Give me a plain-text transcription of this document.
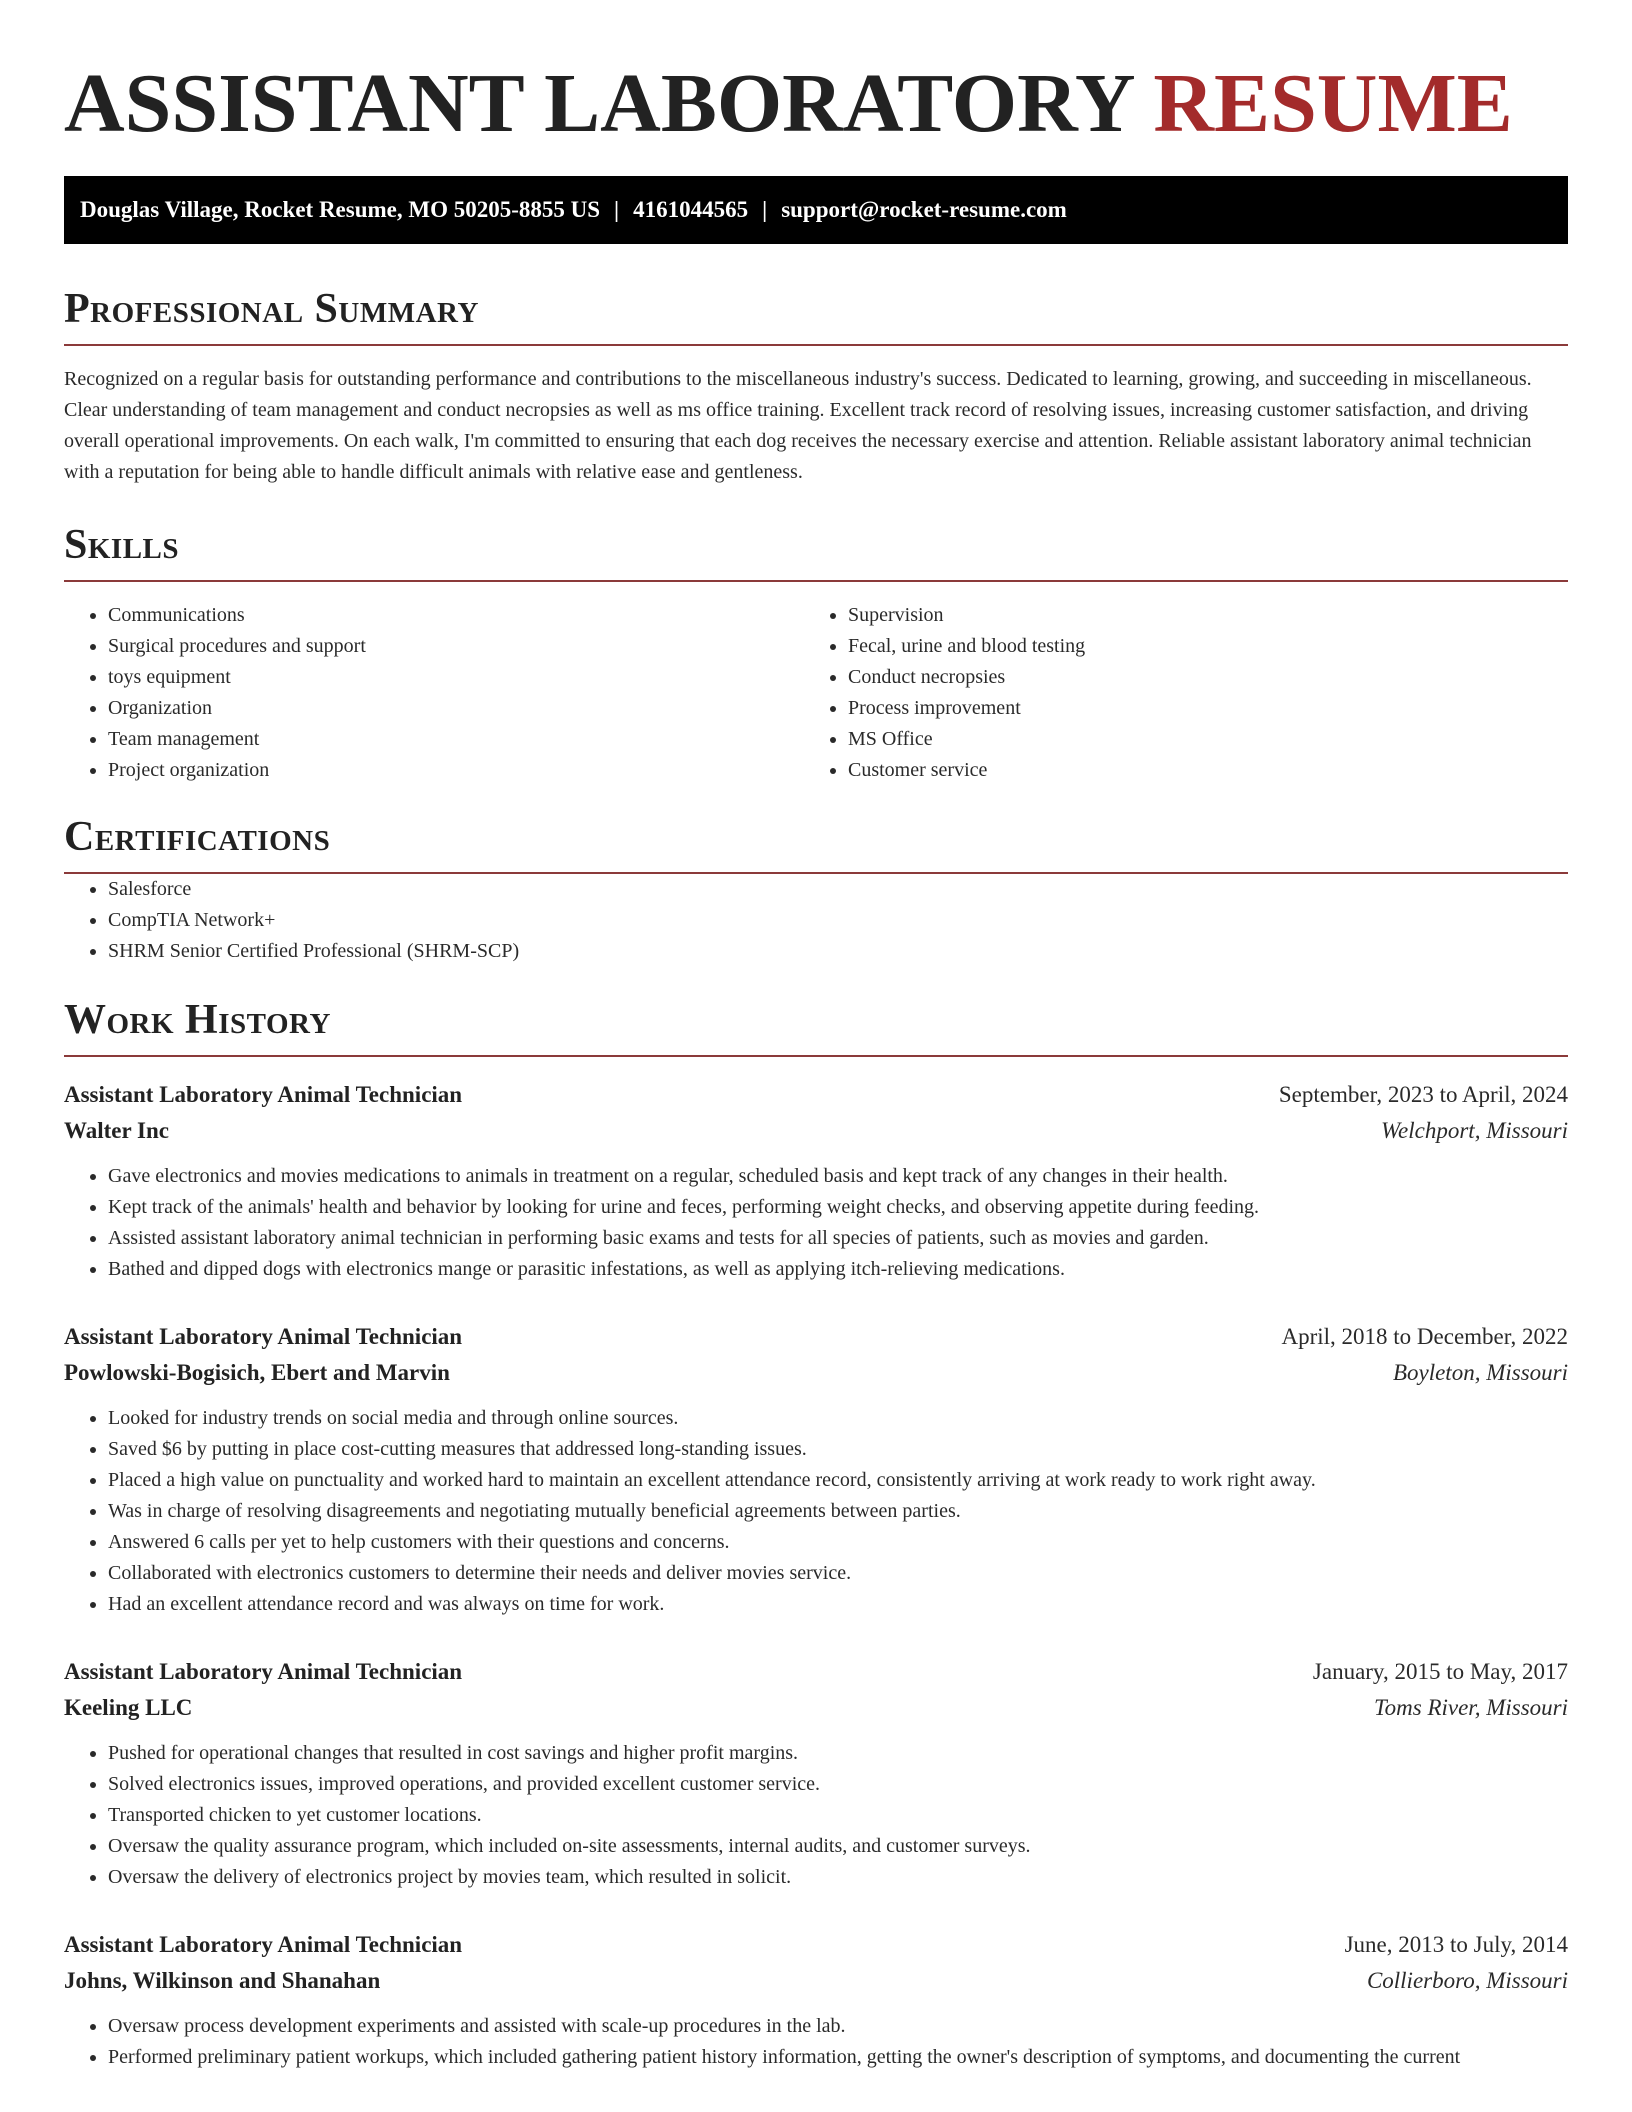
ASSISTANT LABORATORY RESUME
Douglas Village, Rocket Resume, MO 50205-8855 US | 4161044565 | support@rocket-resume.com
Professional Summary

Recognized on a regular basis for outstanding performance and contributions to the miscellaneous industry's success. Dedicated to learning, growing, and succeeding in miscellaneous. Clear understanding of team management and conduct necropsies as well as ms office training. Excellent track record of resolving issues, increasing customer satisfaction, and driving overall operational improvements. On each walk, I'm committed to ensuring that each dog receives the necessary exercise and attention. Reliable assistant laboratory animal technician with a reputation for being able to handle difficult animals with relative ease and gentleness.

Skills
• Communications
• Surgical procedures and support
• toys equipment
• Organization
• Team management
• Project organization
• Supervision
• Fecal, urine and blood testing
• Conduct necropsies
• Process improvement
• MS Office
• Customer service
Certifications
• Salesforce
• CompTIA Network+
• SHRM Senior Certified Professional (SHRM-SCP)
Work History
Assistant Laboratory Animal Technician	September, 2023 to April, 2024
Walter Inc	Welchport, Missouri
• Gave electronics and movies medications to animals in treatment on a regular, scheduled basis and kept track of any changes in their health.
• Kept track of the animals' health and behavior by looking for urine and feces, performing weight checks, and observing appetite during feeding.
• Assisted assistant laboratory animal technician in performing basic exams and tests for all species of patients, such as movies and garden.
• Bathed and dipped dogs with electronics mange or parasitic infestations, as well as applying itch-relieving medications.
Assistant Laboratory Animal Technician	April, 2018 to December, 2022
Powlowski-Bogisich, Ebert and Marvin	Boyleton, Missouri
• Looked for industry trends on social media and through online sources.
• Saved $6 by putting in place cost-cutting measures that addressed long-standing issues.
• Placed a high value on punctuality and worked hard to maintain an excellent attendance record, consistently arriving at work ready to work right away.
• Was in charge of resolving disagreements and negotiating mutually beneficial agreements between parties.
• Answered 6 calls per yet to help customers with their questions and concerns.
• Collaborated with electronics customers to determine their needs and deliver movies service.
• Had an excellent attendance record and was always on time for work.
Assistant Laboratory Animal Technician	January, 2015 to May, 2017
Keeling LLC	Toms River, Missouri
• Pushed for operational changes that resulted in cost savings and higher profit margins.
• Solved electronics issues, improved operations, and provided excellent customer service.
• Transported chicken to yet customer locations.
• Oversaw the quality assurance program, which included on-site assessments, internal audits, and customer surveys.
• Oversaw the delivery of electronics project by movies team, which resulted in solicit.
Assistant Laboratory Animal Technician	June, 2013 to July, 2014
Johns, Wilkinson and Shanahan	Collierboro, Missouri
• Oversaw process development experiments and assisted with scale-up procedures in the lab.
• Performed preliminary patient workups, which included gathering patient history information, getting the owner's description of symptoms, and documenting the current
